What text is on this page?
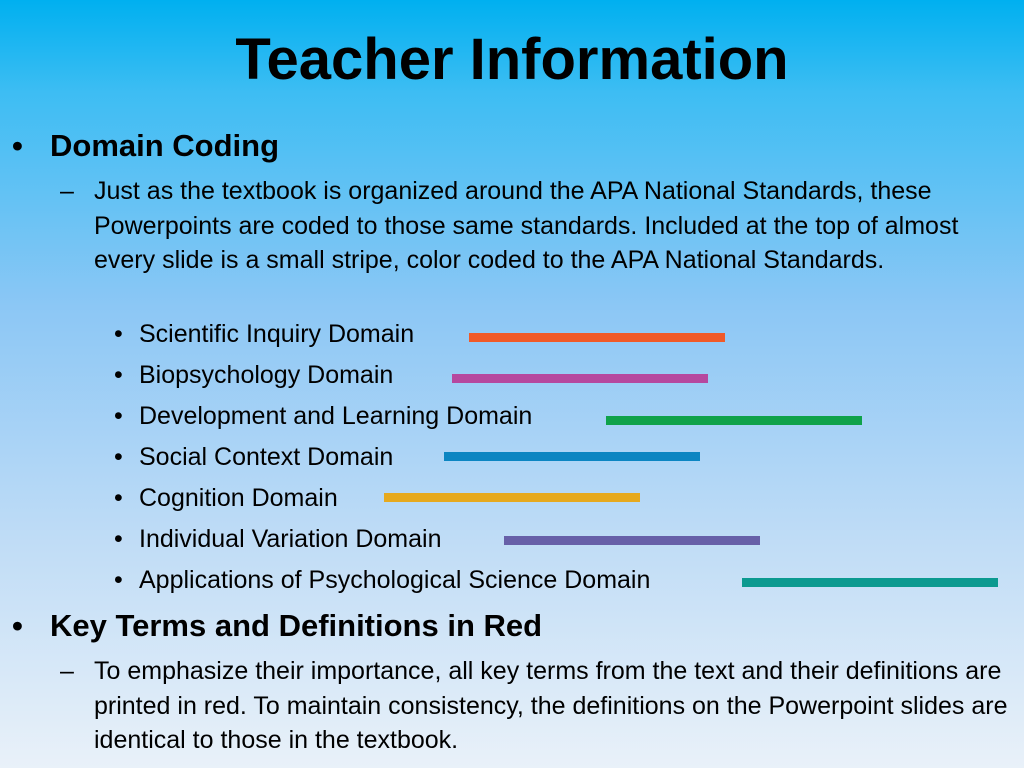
Teacher Information
• Domain Coding
– Just as the textbook is organized around the APA National Standards, these Powerpoints are coded to those same standards. Included at the top of almost every slide is a small stripe, color coded to the APA National Standards.
• Scientific Inquiry Domain
• Biopsychology Domain
• Development and Learning Domain
• Social Context Domain
• Cognition Domain
• Individual Variation Domain
• Applications of Psychological Science Domain
• Key Terms and Definitions in Red
– To emphasize their importance, all key terms from the text and their definitions are printed in red. To maintain consistency, the definitions on the Powerpoint slides are identical to those in the textbook.
